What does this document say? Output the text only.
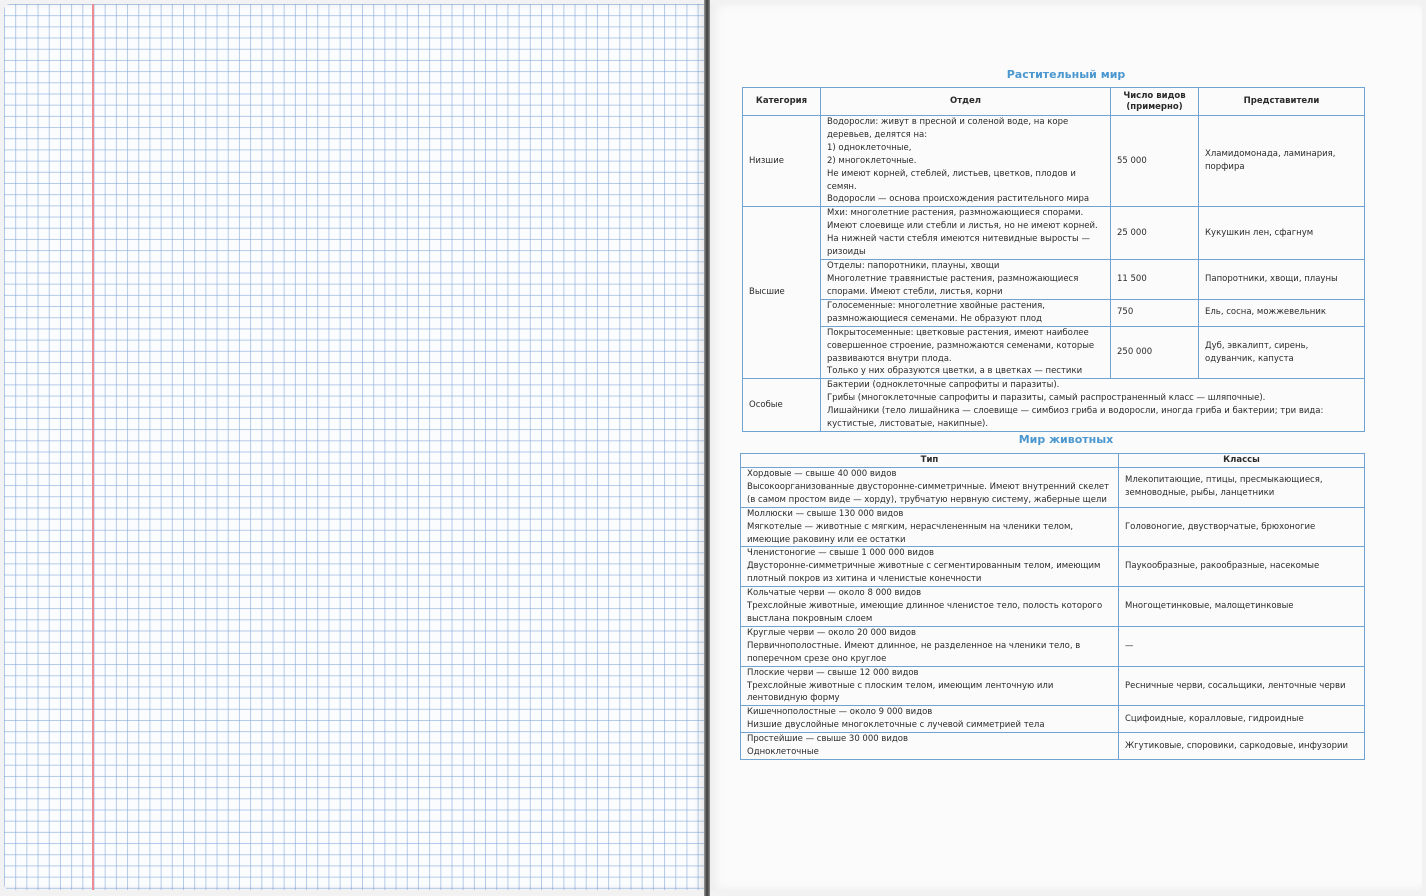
Растительный мир
Категория	Отдел	Число видов
(примерно)	Представители
Низшие	Водоросли: живут в пресной и соленой воде, на коре деревьев, делятся на:
1) одноклеточные,
2) многоклеточные.
Не имеют корней, стеблей, листьев, цветков, плодов и семян.
Водоросли — основа происхождения растительного мира	55 000	Хламидомонада, ламинария, порфира
Высшие	Мхи: многолетние растения, размножающиеся спорами. Имеют слоевище или стебли и листья, но не имеют корней. На нижней части стебля имеются нитевидные выросты — ризоиды	25 000	Кукушкин лен, сфагнум
	Отделы: папоротники, плауны, хвощи
Многолетние травянистые растения, размножающиеся спорами. Имеют стебли, листья, корни	11 500	Папоротники, хвощи, плауны
	Голосеменные: многолетние хвойные растения, размножающиеся семенами. Не образуют плод	750	Ель, сосна, можжевельник
	Покрытосеменные: цветковые растения, имеют наиболее совершенное строение, размножаются семенами, которые развиваются внутри плода.
Только у них образуются цветки, а в цветках — пестики	250 000	Дуб, эвкалипт, сирень, одуванчик, капуста
Особые	Бактерии (одноклеточные сапрофиты и паразиты).
Грибы (многоклеточные сапрофиты и паразиты, самый распространенный класс — шляпочные).
Лишайники (тело лишайника — слоевище — симбиоз гриба и водоросли, иногда гриба и бактерии; три вида: кустистые, листоватые, накипные).		
Мир животных
Тип	Классы
Хордовые — свыше 40 000 видов
Высокоорганизованные двусторонне-симметричные. Имеют внутренний скелет (в самом простом виде — хорду), трубчатую нервную систему, жаберные щели	Млекопитающие, птицы, пресмыкающиеся, земноводные, рыбы, ланцетники
Моллюски — свыше 130 000 видов
Мягкотелые — животные с мягким, нерасчлененным на членики телом, имеющие раковину или ее остатки	Головоногие, двустворчатые, брюхоногие
Членистоногие — свыше 1 000 000 видов
Двусторонне-симметричные животные с сегментированным телом, имеющим плотный покров из хитина и членистые конечности	Паукообразные, ракообразные, насекомые
Кольчатые черви — около 8 000 видов
Трехслойные животные, имеющие длинное членистое тело, полость которого выстлана покровным слоем	Многощетинковые, малощетинковые
Круглые черви — около 20 000 видов
Первичнополостные. Имеют длинное, не разделенное на членики тело, в поперечном срезе оно круглое	—
Плоские черви — свыше 12 000 видов
Трехслойные животные с плоским телом, имеющим ленточную или лентовидную форму	Ресничные черви, сосальщики, ленточные черви
Кишечнополостные — около 9 000 видов
Низшие двуслойные многоклеточные с лучевой симметрией тела	Сцифоидные, коралловые, гидроидные
Простейшие — свыше 30 000 видов
Одноклеточные	Жгутиковые, споровики, саркодовые, инфузории
